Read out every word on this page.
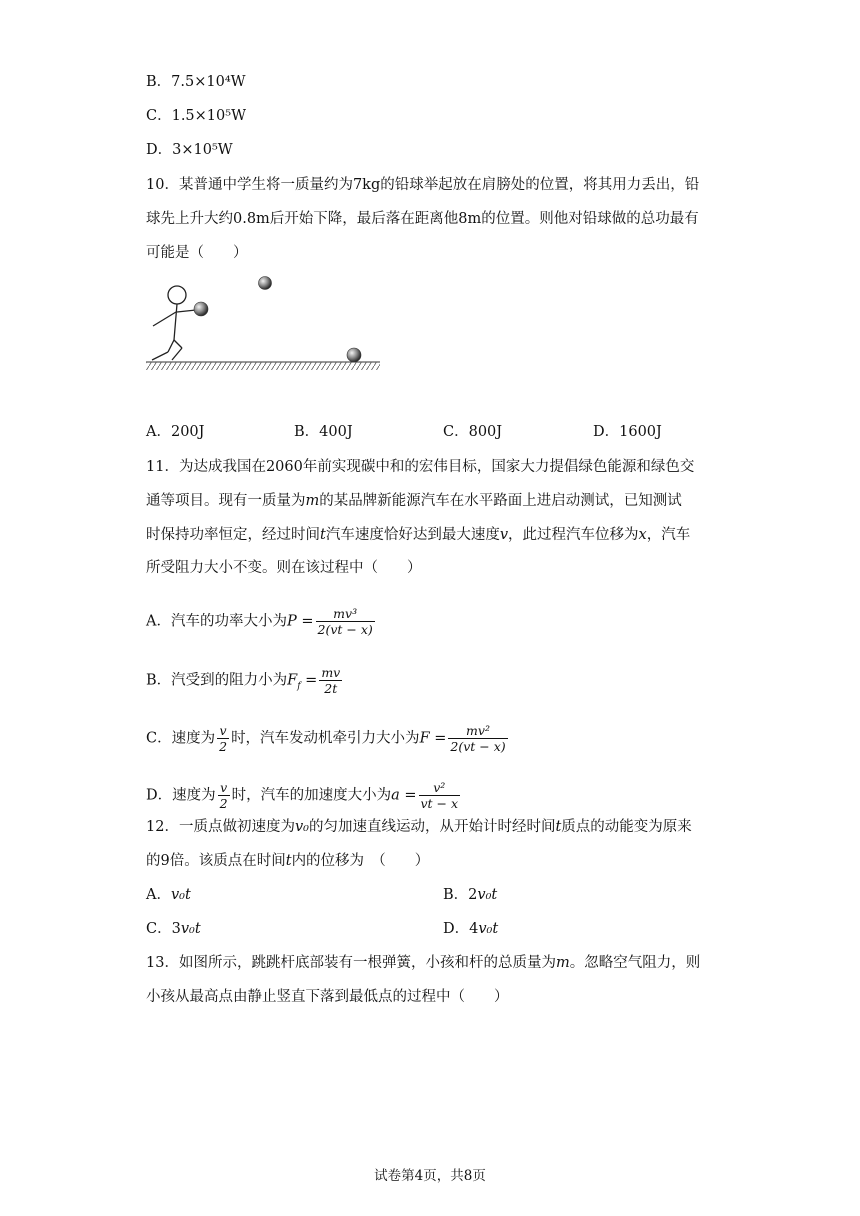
B．7.5×10⁴W
C．1.5×10⁵W
D．3×10⁵W
10．某普通中学生将一质量约为7kg的铅球举起放在肩膀处的位置，将其用力丢出，铅
球先上升大约0.8m后开始下降，最后落在距离他8m的位置。则他对铅球做的总功最有
可能是（　　）
A．200J	B．400J	C．800J	D．1600J
11．为达成我国在2060年前实现碳中和的宏伟目标，国家大力提倡绿色能源和绿色交
通等项目。现有一质量为m的某品牌新能源汽车在水平路面上进启动测试，已知测试
时保持功率恒定，经过时间t汽车速度恰好达到最大速度v，此过程汽车位移为x，汽车
所受阻力大小不变。则在该过程中（　　）
A．汽车的功率大小为$P = \frac{\text{mv³}}{2(vt - x)}$
B．汽受到的阻力小为$F_f = \frac{mv}{2t}$
C．速度为 $\frac{v}{2}$ 时，汽车发动机牵引力大小为$F = \frac{\text{mv²}}{2(vt - x)}$
D．速度为 $\frac{v}{2}$ 时，汽车的加速度大小为$a = \frac{\text{v²}}{vt - x}$
12．一质点做初速度为v₀的匀加速直线运动，从开始计时经时间t质点的动能变为原来
的9倍。该质点在时间t内的位移为　（　　）
A．v₀t	B．2v₀t
C．3v₀t	D．4v₀t
13．如图所示，跳跳杆底部装有一根弹簧，小孩和杆的总质量为m。忽略空气阻力，则
小孩从最高点由静止竖直下落到最低点的过程中（　　）
试卷第4页，共8页
